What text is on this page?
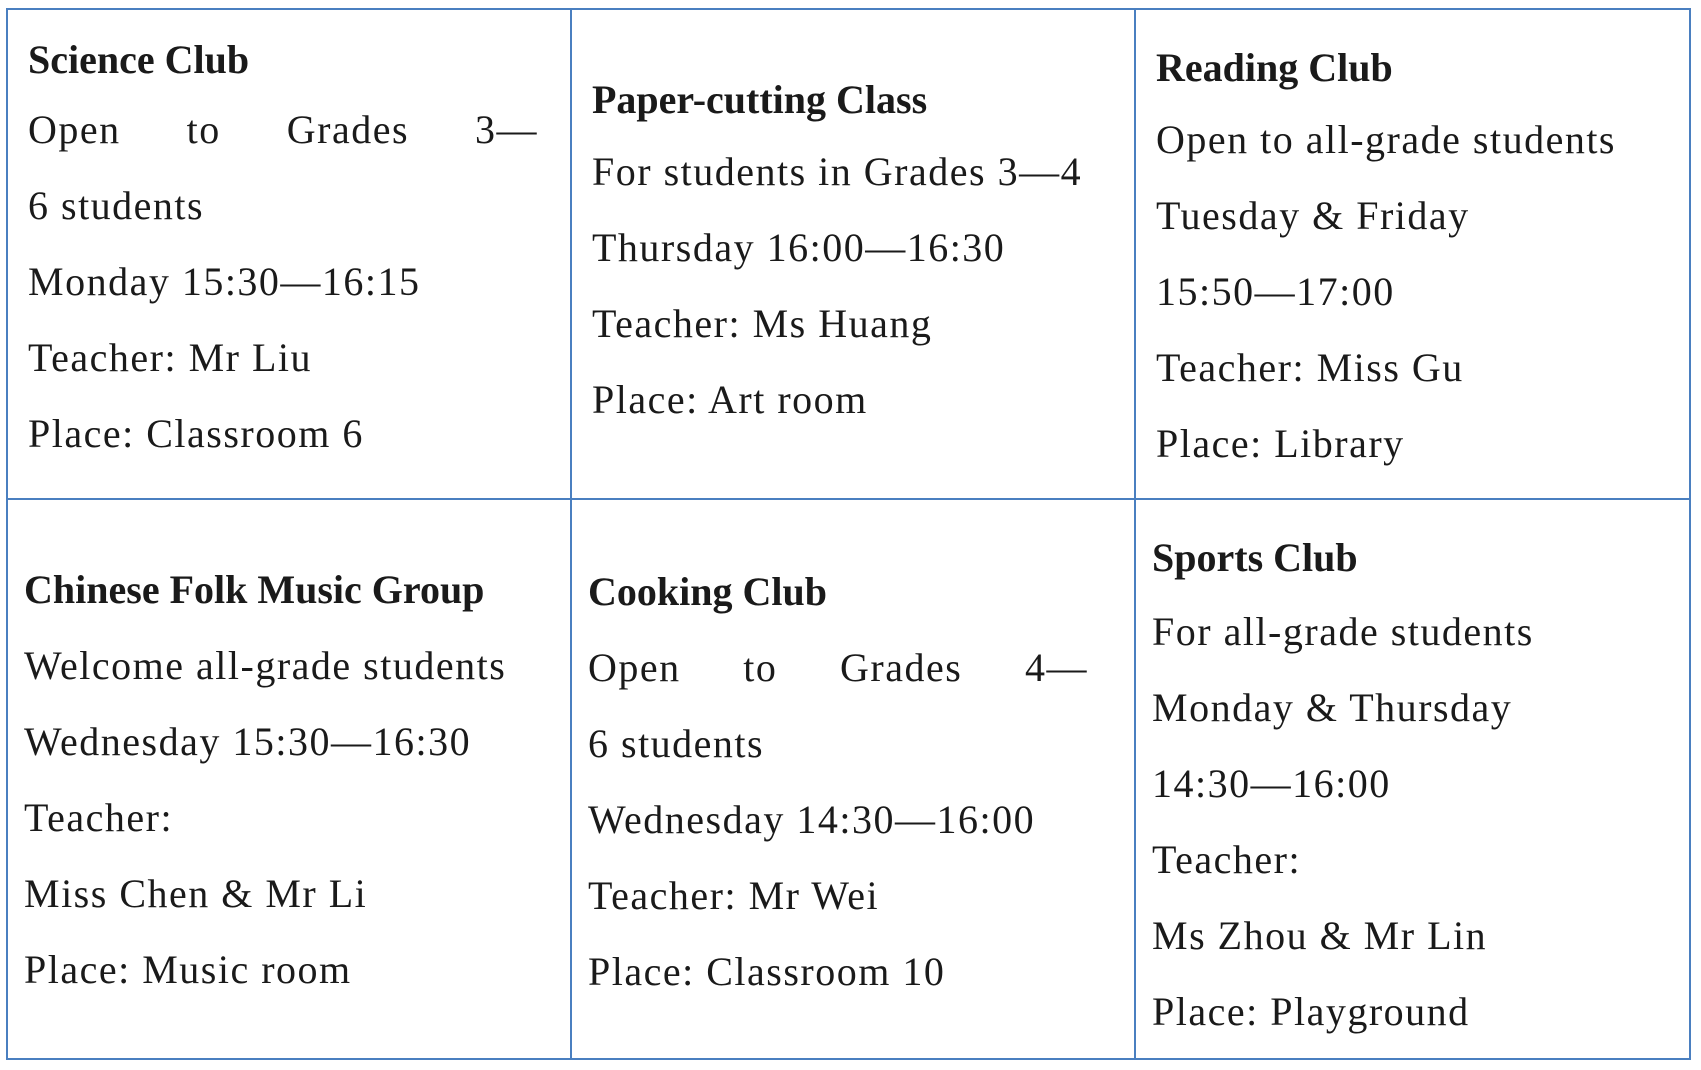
Science Club
Open to Grades 3—
6 students
Monday 15:30—16:15
Teacher: Mr Liu
Place: Classroom 6
Paper-cutting Class
For students in Grades 3—4
Thursday 16:00—16:30
Teacher: Ms Huang
Place: Art room
Reading Club
Open to all-grade students
Tuesday & Friday
15:50—17:00
Teacher: Miss Gu
Place: Library
Chinese Folk Music Group
Welcome all-grade students
Wednesday 15:30—16:30
Teacher:
Miss Chen & Mr Li
Place: Music room
Cooking Club
Open to Grades 4—
6 students
Wednesday 14:30—16:00
Teacher: Mr Wei
Place: Classroom 10
Sports Club
For all-grade students
Monday & Thursday
14:30—16:00
Teacher:
Ms Zhou & Mr Lin
Place: Playground
